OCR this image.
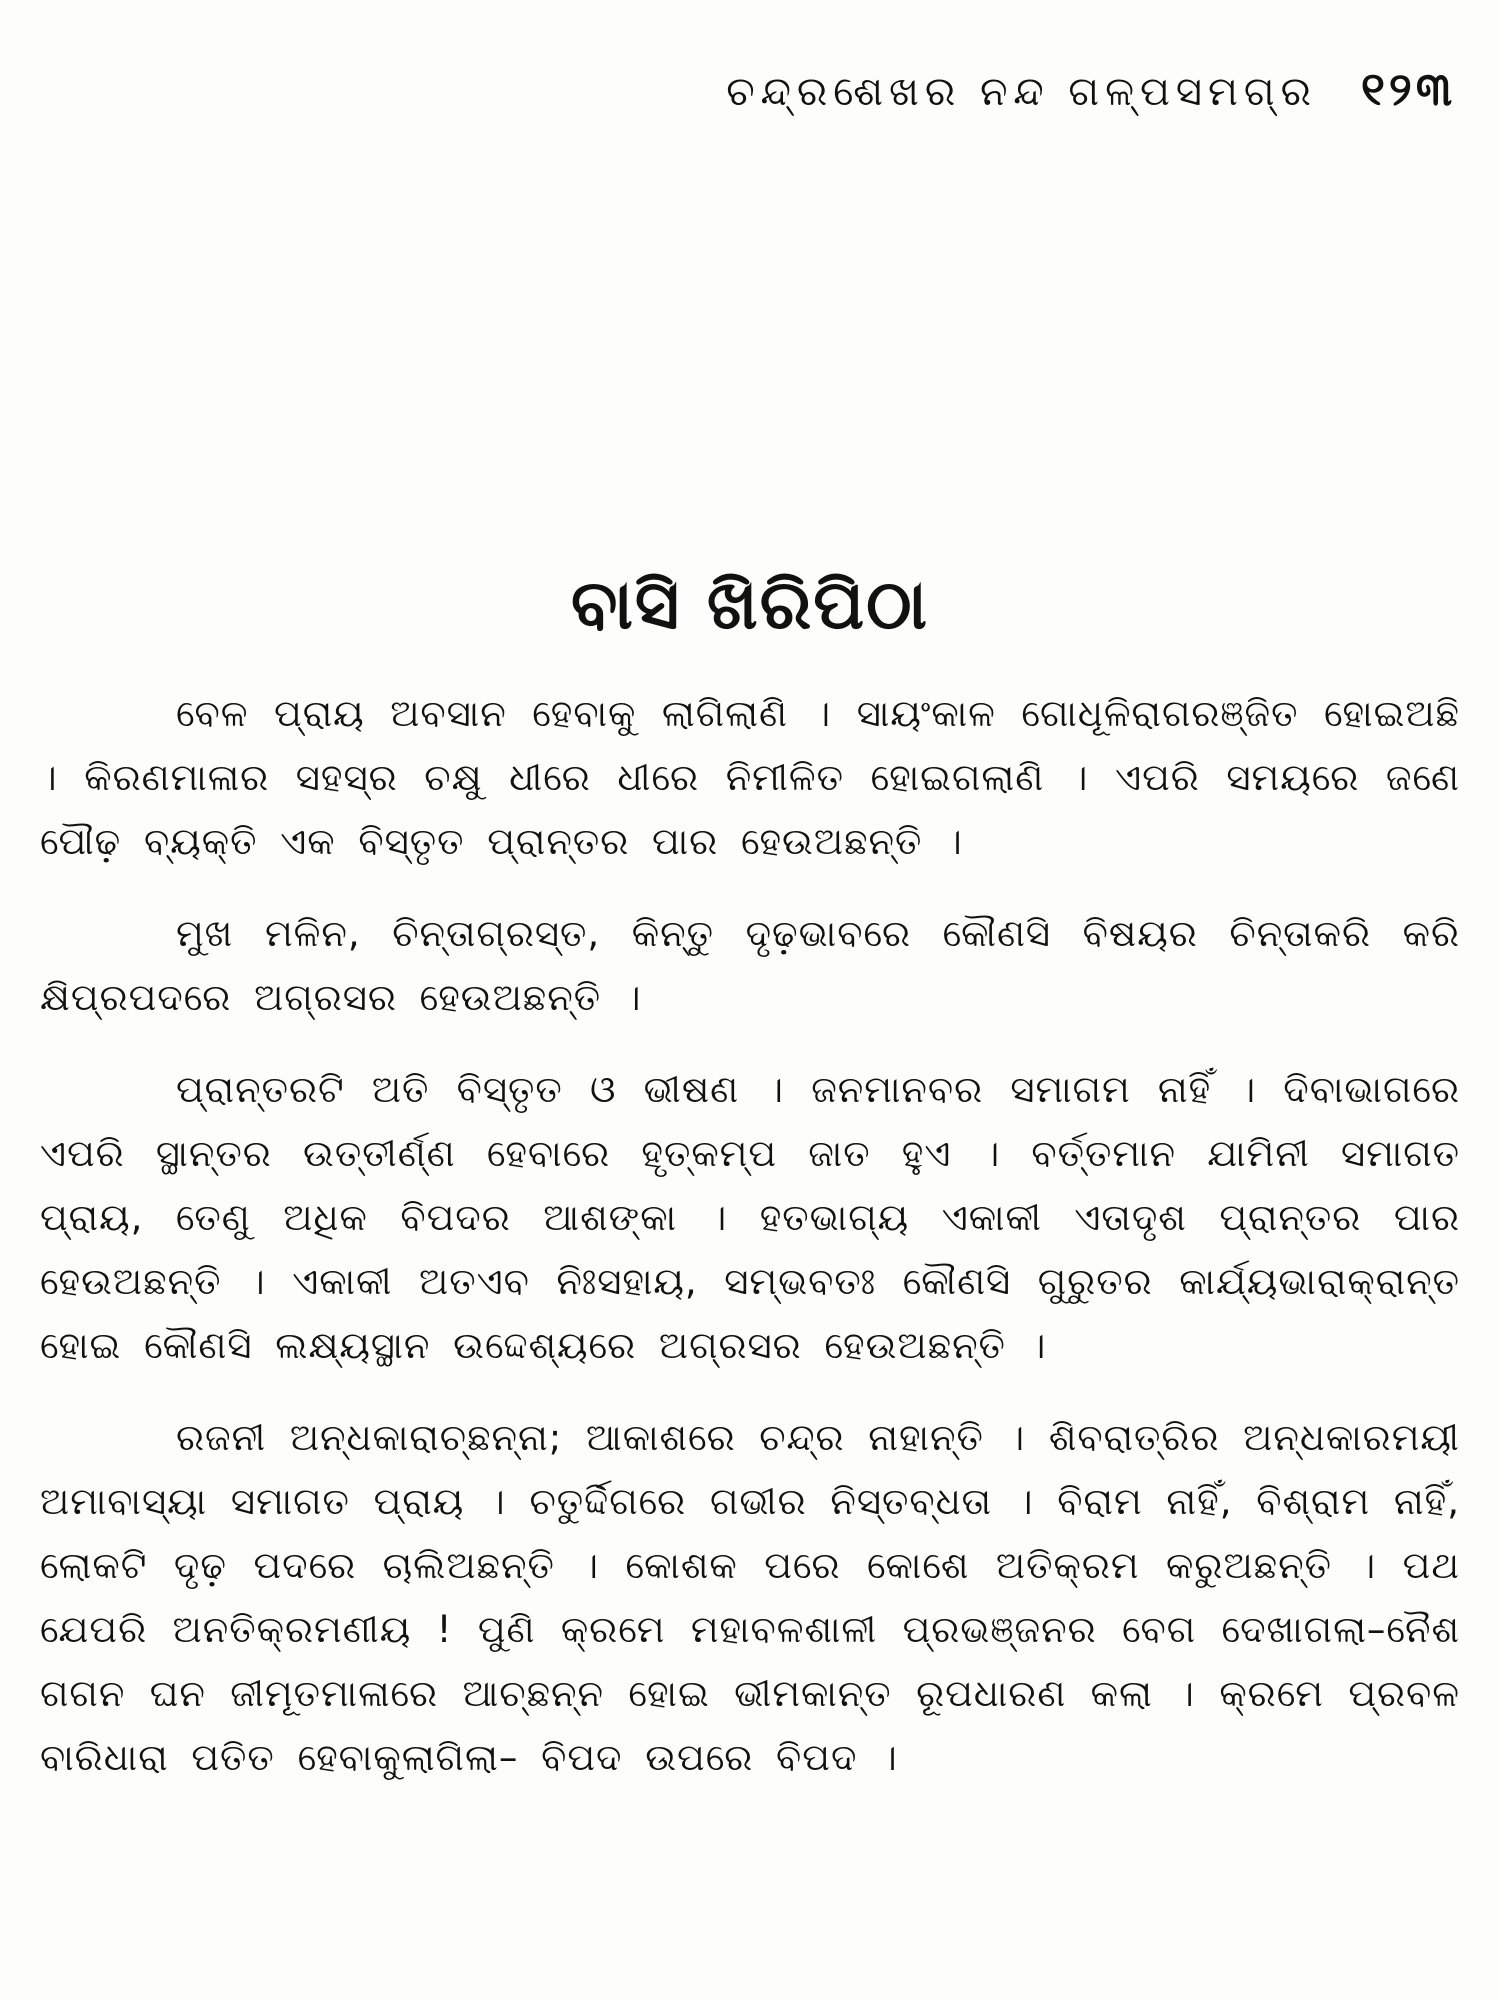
ଚନ୍ଦ୍ରଶେଖର ନନ୍ଦ ଗଳ୍ପସମଗ୍ର ୧୨୩
ବାସି ଖିରିପିଠା

ବେଳ ପ୍ରାୟ ଅବସାନ ହେବାକୁ ଲାଗିଲାଣି । ସାୟଂକାଳ ଗୋଧୂଳିରାଗରଞ୍ଜିତ ହୋଇଅଛି । କିରଣମାଳାର ସହସ୍ର ଚକ୍ଷୁ ଧୀରେ ଧୀରେ ନିମୀଳିତ ହୋଇଗଲାଣି । ଏପରି ସମୟରେ ଜଣେ ପୌଢ଼ ବ୍ୟକ୍ତି ଏକ ବିସ୍ତୃତ ପ୍ରାନ୍ତର ପାର ହେଉଅଛନ୍ତି ।

ମୁଖ ମଳିନ, ଚିନ୍ତାଗ୍ରସ୍ତ, କିନ୍ତୁ ଦୃଢ଼ଭାବରେ କୌଣସି ବିଷୟର ଚିନ୍ତାକରି କରି କ୍ଷିପ୍ରପଦରେ ଅଗ୍ରସର ହେଉଅଛନ୍ତି ।

ପ୍ରାନ୍ତରଟି ଅତି ବିସ୍ତୃତ ଓ ଭୀଷଣ । ଜନମାନବର ସମାଗମ ନାହିଁ । ଦିବାଭାଗରେ ଏପରି ସ୍ଥାନ୍ତର ଉତ୍ତୀର୍ଣ୍ଣ ହେବାରେ ହୃତ୍‌କମ୍ପ ଜାତ ହୁଏ । ବର୍ତ୍ତମାନ ଯାମିନୀ ସମାଗତ ପ୍ରାୟ, ତେଣୁ ଅଧିକ ବିପଦର ଆଶଙ୍କା । ହତଭାଗ୍ୟ ଏକାକୀ ଏତାଦୃଶ ପ୍ରାନ୍ତର ପାର ହେଉଅଛନ୍ତି । ଏକାକୀ ଅତଏବ ନିଃସହାୟ, ସମ୍ଭବତଃ କୌଣସି ଗୁରୁତର କାର୍ଯ୍ୟଭାରାକ୍ରାନ୍ତ ହୋଇ କୌଣସି ଲକ୍ଷ୍ୟସ୍ଥାନ ଉଦ୍ଦେଶ୍ୟରେ ଅଗ୍ରସର ହେଉଅଛନ୍ତି ।

ରଜନୀ ଅନ୍ଧକାରାଚ୍ଛନ୍ନା; ଆକାଶରେ ଚନ୍ଦ୍ର ନାହାନ୍ତି । ଶିବରାତ୍ରିର ଅନ୍ଧକାରମୟୀ ଅମାବାସ୍ୟା ସମାଗତ ପ୍ରାୟ । ଚତୁର୍ଦ୍ଦିଗରେ ଗଭୀର ନିସ୍ତବ୍ଧତା । ବିରାମ ନାହିଁ, ବିଶ୍ରାମ ନାହିଁ, ଲୋକଟି ଦୃଢ଼ ପଦରେ ଚାଲିଅଛନ୍ତି । କୋଶକ ପରେ କୋଶେ ଅତିକ୍ରମ କରୁଅଛନ୍ତି । ପଥ ଯେପରି ଅନତିକ୍ରମଣୀୟ ! ପୁଣି କ୍ରମେ ମହାବଳଶାଳୀ ପ୍ରଭଞ୍ଜନର ବେଗ ଦେଖାଗଲା–ନୈଶ ଗଗନ ଘନ ଜୀମୂତମାଳାରେ ଆଚ୍ଛନ୍ନ ହୋଇ ଭୀମକାନ୍ତ ରୂପଧାରଣ କଲା । କ୍ରମେ ପ୍ରବଳ ବାରିଧାରା ପତିତ ହେବାକୁଲାଗିଲା– ବିପଦ ଉପରେ ବିପଦ ।
